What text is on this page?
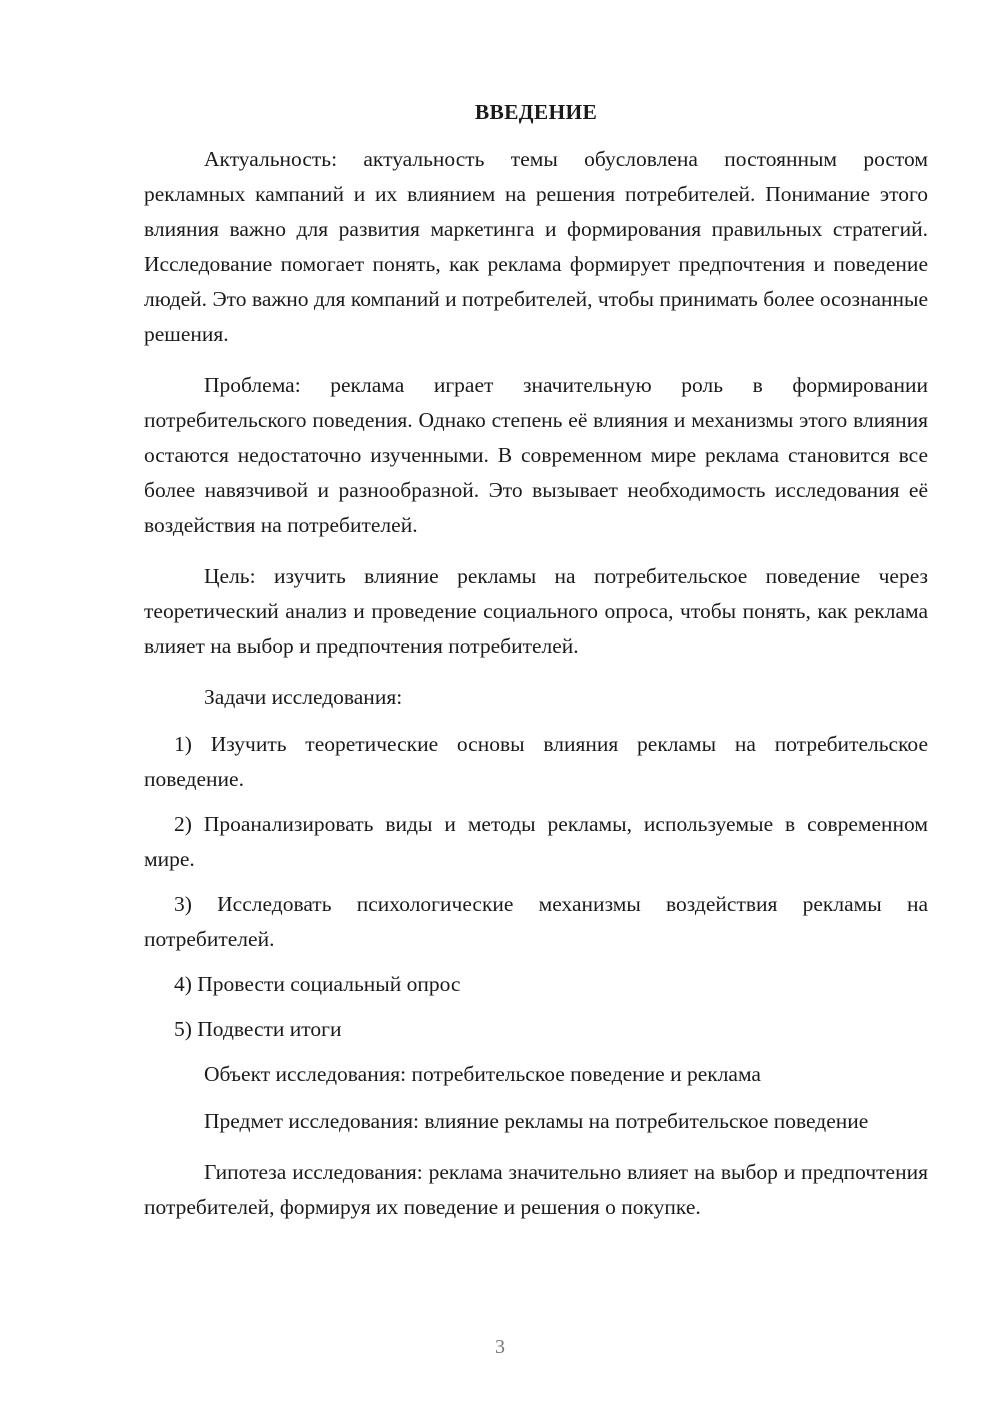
ВВЕДЕНИЕ

Актуальность: актуальность темы обусловлена постоянным ростом рекламных кампаний и их влиянием на решения потребителей. Понимание этого влияния важно для развития маркетинга и формирования правильных стратегий. Исследование помогает понять, как реклама формирует предпочтения и поведение людей. Это важно для компаний и потребителей, чтобы принимать более осознанные решения.

Проблема: реклама играет значительную роль в формировании потребительского поведения. Однако степень её влияния и механизмы этого влияния остаются недостаточно изученными. В современном мире реклама становится все более навязчивой и разнообразной. Это вызывает необходимость исследования её воздействия на потребителей.

Цель: изучить влияние рекламы на потребительское поведение через теоретический анализ и проведение социального опроса, чтобы понять, как реклама влияет на выбор и предпочтения потребителей.

Задачи исследования:

1) Изучить теоретические основы влияния рекламы на потребительское поведение.

2) Проанализировать виды и методы рекламы, используемые в современном мире.

3) Исследовать психологические механизмы воздействия рекламы на потребителей.

4) Провести социальный опрос

5) Подвести итоги

Объект исследования: потребительское поведение и реклама

Предмет исследования: влияние рекламы на потребительское поведение

Гипотеза исследования: реклама значительно влияет на выбор и предпочтения потребителей, формируя их поведение и решения о покупке.

3
